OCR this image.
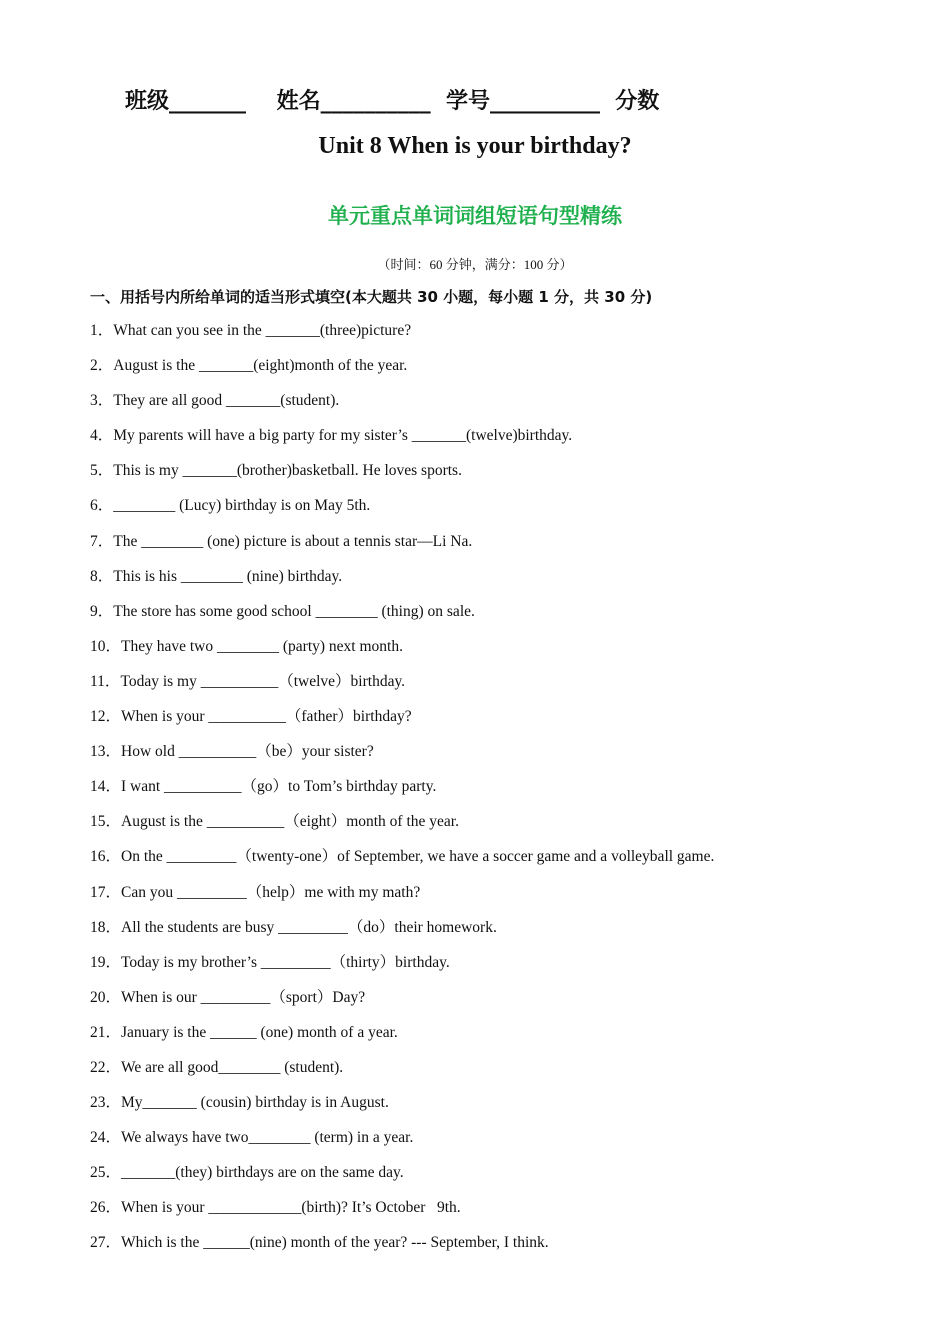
班级_______    姓名__________  学号__________  分数
Unit 8 When is your birthday?
单元重点单词词组短语句型精练
（时间：60 分钟，满分：100 分）
一、用括号内所给单词的适当形式填空(本大题共 30 小题，每小题 1 分，共 30 分)
1．What can you see in the _______(three)picture?
2．August is the _______(eight)month of the year.
3．They are all good _______(student).
4．My parents will have a big party for my sister’s _______(twelve)birthday.
5．This is my _______(brother)basketball. He loves sports.
6．________ (Lucy) birthday is on May 5th.
7．The ________ (one) picture is about a tennis star—Li Na.
8．This is his ________ (nine) birthday.
9．The store has some good school ________ (thing) on sale.
10．They have two ________ (party) next month.
11．Today is my __________（twelve）birthday.
12．When is your __________（father）birthday?
13．How old __________（be）your sister?
14．I want __________（go）to Tom’s birthday party.
15．August is the __________（eight）month of the year.
16．On the _________（twenty-one）of September, we have a soccer game and a volleyball game.
17．Can you _________（help）me with my math?
18．All the students are busy _________（do）their homework.
19．Today is my brother’s _________（thirty）birthday.
20．When is our _________（sport）Day?
21．January is the ______ (one) month of a year.
22．We are all good________ (student).
23．My_______ (cousin) birthday is in August.
24．We always have two________ (term) in a year.
25．_______(they) birthdays are on the same day.
26．When is your ____________(birth)? It’s October   9th.
27．Which is the ______(nine) month of the year? --- September, I think.
